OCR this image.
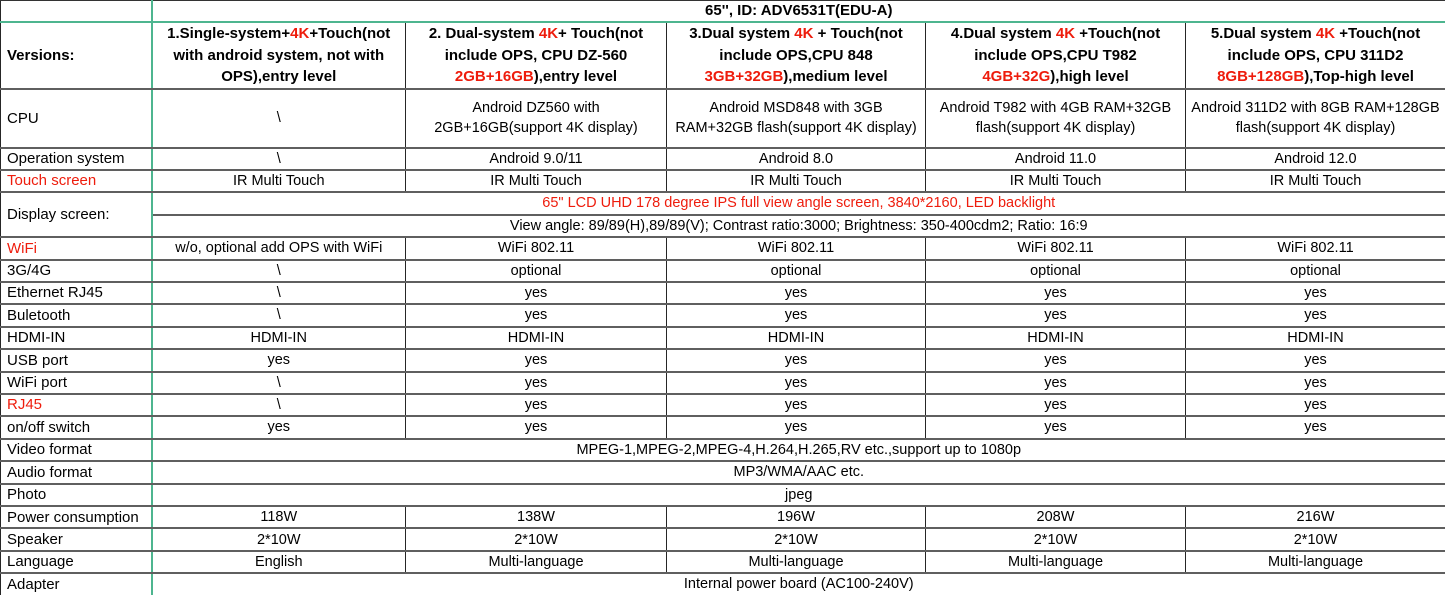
	65'', ID: ADV6531T(EDU-A)				
Versions:	1.Single-system+4K+Touch(not with android system, not with OPS),entry level	2. Dual-system 4K+ Touch(not include OPS, CPU DZ-560 2GB+16GB),entry level	3.Dual system 4K + Touch(not include OPS,CPU 848 3GB+32GB),medium level	4.Dual system 4K +Touch(not include OPS,CPU T982 4GB+32G),high level	5.Dual system 4K +Touch(not include OPS, CPU 311D2 8GB+128GB),Top-high level
CPU	\	Android DZ560 with 2GB+16GB(support 4K display)	Android MSD848 with 3GB RAM+32GB flash(support 4K display)	Android T982 with 4GB RAM+32GB flash(support 4K display)	Android 311D2 with 8GB RAM+128GB flash(support 4K display)
Operation system	\	Android 9.0/11	Android 8.0	Android 11.0	Android 12.0
Touch screen	IR Multi Touch	IR Multi Touch	IR Multi Touch	IR Multi Touch	IR Multi Touch
Display screen:	65" LCD UHD 178 degree IPS full view angle screen, 3840*2160, LED backlight				
	View angle: 89/89(H),89/89(V); Contrast ratio:3000; Brightness: 350-400cdm2; Ratio: 16:9				
WiFi	w/o, optional add OPS with WiFi	WiFi 802.11	WiFi 802.11	WiFi 802.11	WiFi 802.11
3G/4G	\	optional	optional	optional	optional
Ethernet RJ45	\	yes	yes	yes	yes
Buletooth	\	yes	yes	yes	yes
HDMI-IN	HDMI-IN	HDMI-IN	HDMI-IN	HDMI-IN	HDMI-IN
USB port	yes	yes	yes	yes	yes
WiFi port	\	yes	yes	yes	yes
RJ45	\	yes	yes	yes	yes
on/off switch	yes	yes	yes	yes	yes
Video format	MPEG-1,MPEG-2,MPEG-4,H.264,H.265,RV etc.,support up to 1080p				
Audio format	MP3/WMA/AAC etc.				
Photo	jpeg				
Power consumption	118W	138W	196W	208W	216W
Speaker	2*10W	2*10W	2*10W	2*10W	2*10W
Language	English	Multi-language	Multi-language	Multi-language	Multi-language
Adapter	Internal power board (AC100-240V)				
